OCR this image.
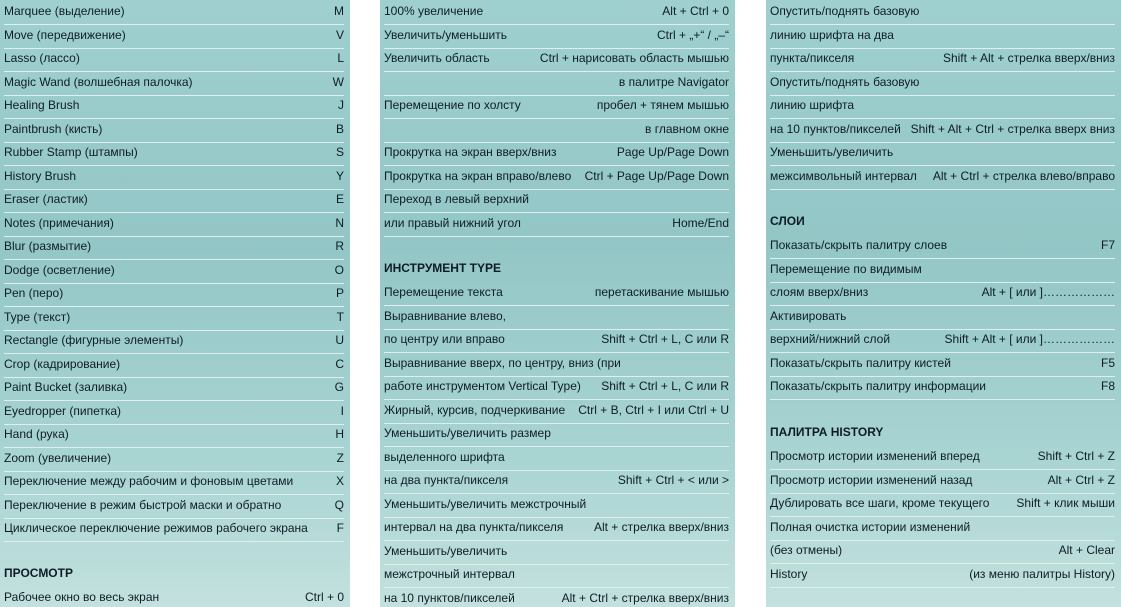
Marquee (выделение)	M
Move (передвижение)	V
Lasso (лассо)	L
Magic Wand (волшебная палочка)	W
Healing Brush	J
Paintbrush (кисть)	B
Rubber Stamp (штампы)	S
History Brush	Y
Eraser (ластик)	E
Notes (примечания)	N
Blur (размытие)	R
Dodge (осветление)	O
Pen (перо)	P
Type (текст)	T
Rectangle (фигурные элементы)	U
Crop (кадрирование)	C
Paint Bucket (заливка)	G
Eyedropper (пипетка)	I
Hand (рука)	H
Zoom (увеличение)	Z
Переключение между рабочим и фоновым цветами	X
Переключение в режим быстрой маски и обратно	Q
Циклическое переключение режимов рабочего экрана F
ПРОСМОТР
Рабочее окно во весь экран	Ctrl + 0
100% увеличение	Alt + Ctrl + 0
Увеличить/уменьшить	Ctrl + „+“ / „–“
Увеличить область	Ctrl + нарисовать область мышью
в палитре Navigator
Перемещение по холсту	пробел + тянем мышью
в главном окне
Прокрутка на экран вверх/вниз	Page Up/Page Down
Прокрутка на экран вправо/влево Ctrl + Page Up/Page Down
Переход в левый верхний
или правый нижний угол	Home/End
ИНСТРУМЕНТ TYPE
Перемещение текста	перетаскивание мышью
Выравнивание влево,
по центру или вправо	Shift + Ctrl + L, C или R
Выравнивание вверх, по центру, вниз (при
работе инструментом Vertical Type) Shift + Ctrl + L, C или R
Жирный, курсив, подчеркивание Ctrl + B, Ctrl + I или Ctrl + U
Уменьшить/увеличить размер
выделенного шрифта
на два пункта/пикселя	Shift + Ctrl + < или >
Уменьшить/увеличить межстрочный
интервал на два пункта/пикселя	Alt + стрелка вверх/вниз
Уменьшить/увеличить
межстрочный интервал
на 10 пунктов/пикселей	Alt + Ctrl + стрелка вверх/вниз
Опустить/поднять базовую
линию шрифта на два
пункта/пикселя	Shift + Alt + стрелка вверх/вниз
Опустить/поднять базовую
линию шрифта
на 10 пунктов/пикселей Shift + Alt + Ctrl + стрелка вверх вниз
Уменьшить/увеличить
межсимвольный интервал Alt + Ctrl + стрелка влево/вправо
СЛОИ
Показать/скрыть палитру слоев	F7
Перемещение по видимым
слоям вверх/вниз	Alt + [ или ]………………
Активировать
верхний/нижний слой	Shift + Alt + [ или ]………………
Показать/скрыть палитру кистей	F5
Показать/скрыть палитру информации	F8
ПАЛИТРА HISTORY
Просмотр истории изменений вперед	Shift + Ctrl + Z
Просмотр истории изменений назад	Alt + Ctrl + Z
Дублировать все шаги, кроме текущего Shift + клик мыши
Полная очистка истории изменений
(без отмены)	Alt + Clear
History	(из меню палитры History)
